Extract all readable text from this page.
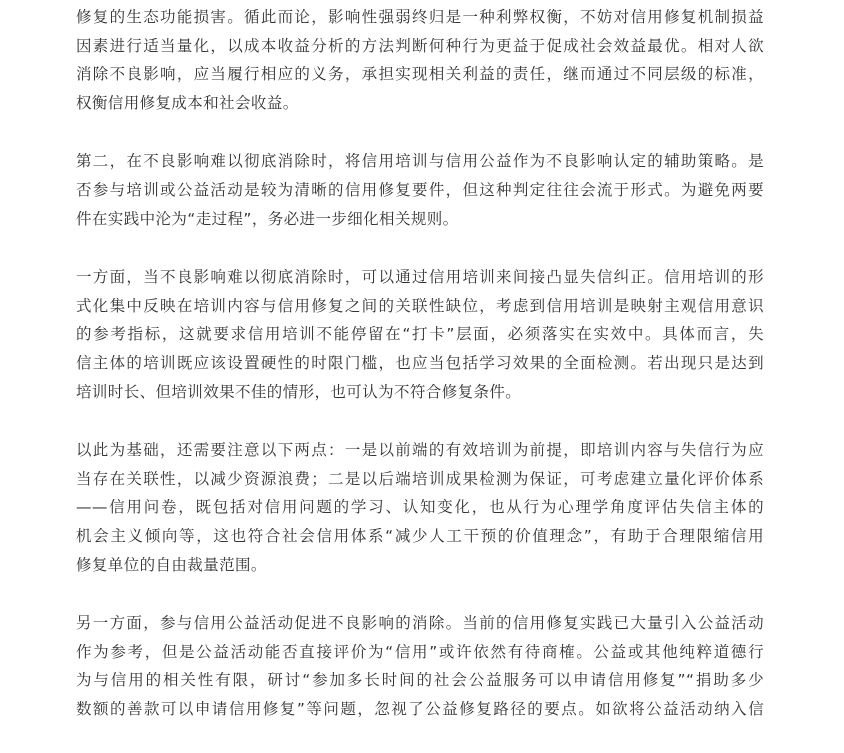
修复的生态功能损害。循此而论，影响性强弱终归是一种利弊权衡，不妨对信用修复机制损益
因素进行适当量化，以成本收益分析的方法判断何种行为更益于促成社会效益最优。相对人欲
消除不良影响，应当履行相应的义务，承担实现相关利益的责任，继而通过不同层级的标准，
权衡信用修复成本和社会收益。
第二，在不良影响难以彻底消除时，将信用培训与信用公益作为不良影响认定的辅助策略。是
否参与培训或公益活动是较为清晰的信用修复要件，但这种判定往往会流于形式。为避免两要
件在实践中沦为“走过程”，务必进一步细化相关规则。
一方面，当不良影响难以彻底消除时，可以通过信用培训来间接凸显失信纠正。信用培训的形
式化集中反映在培训内容与信用修复之间的关联性缺位，考虑到信用培训是映射主观信用意识
的参考指标，这就要求信用培训不能停留在“打卡”层面，必须落实在实效中。具体而言，失
信主体的培训既应该设置硬性的时限门槛，也应当包括学习效果的全面检测。若出现只是达到
培训时长、但培训效果不佳的情形，也可认为不符合修复条件。
以此为基础，还需要注意以下两点：一是以前端的有效培训为前提，即培训内容与失信行为应
当存在关联性，以减少资源浪费；二是以后端培训成果检测为保证，可考虑建立量化评价体系
——信用问卷，既包括对信用问题的学习、认知变化，也从行为心理学角度评估失信主体的
机会主义倾向等，这也符合社会信用体系“减少人工干预的价值理念”，有助于合理限缩信用
修复单位的自由裁量范围。
另一方面，参与信用公益活动促进不良影响的消除。当前的信用修复实践已大量引入公益活动
作为参考，但是公益活动能否直接评价为“信用”或许依然有待商榷。公益或其他纯粹道德行
为与信用的相关性有限，研讨“参加多长时间的社会公益服务可以申请信用修复”“捐助多少
数额的善款可以申请信用修复”等问题，忽视了公益修复路径的要点。如欲将公益活动纳入信
